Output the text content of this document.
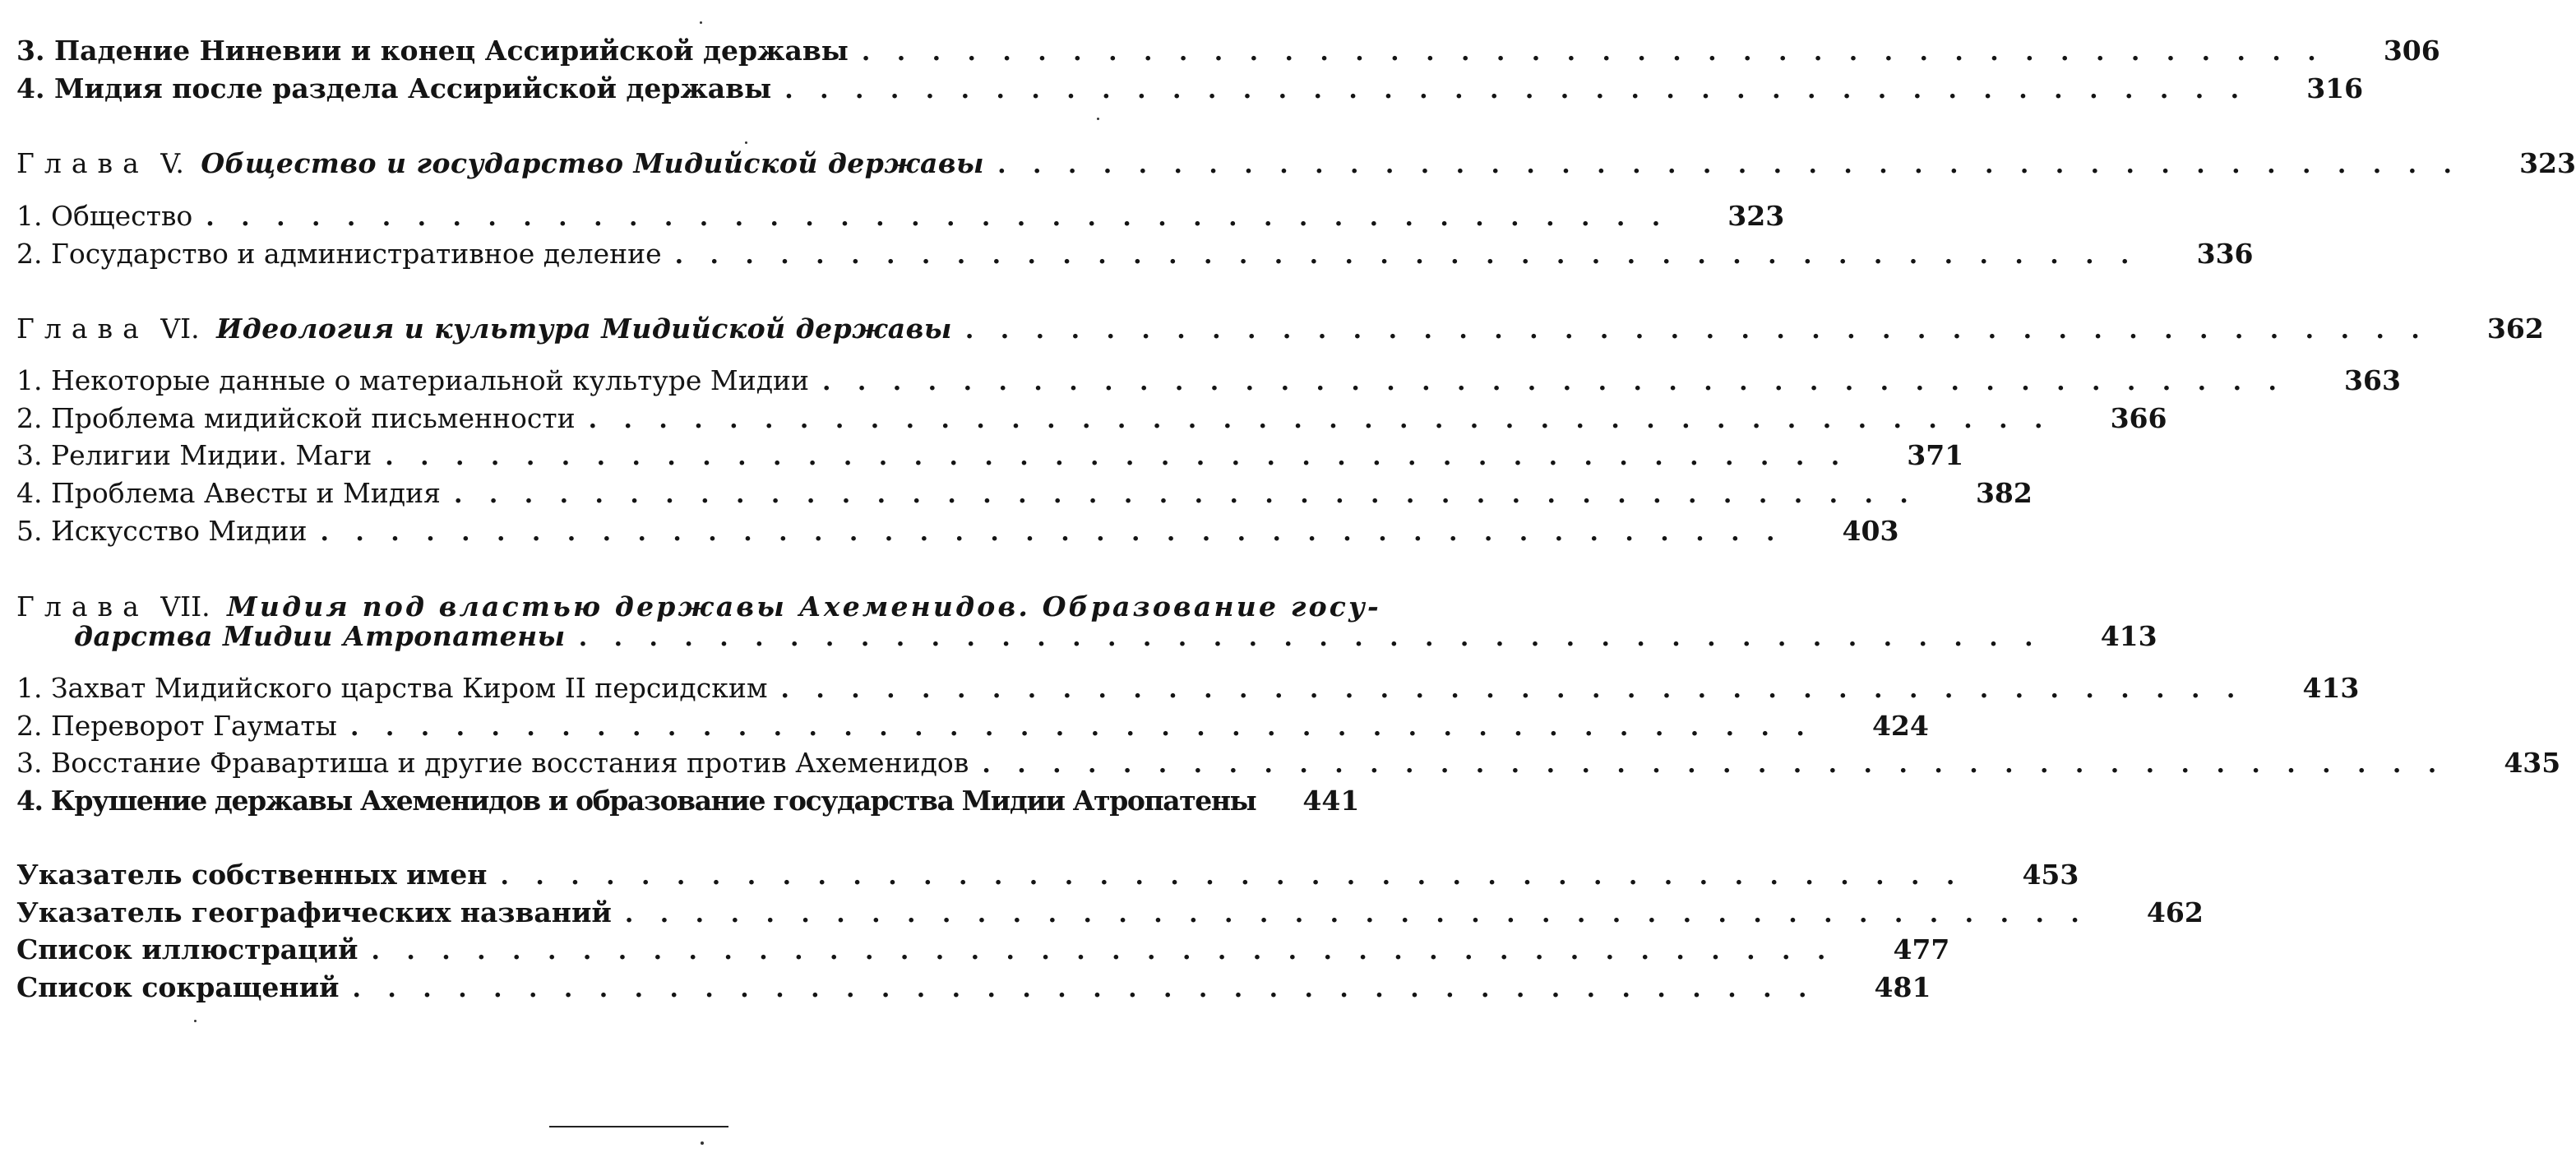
3. Падение Ниневии и конец Ассирийской державы . . . . . . . . . . . . . . . . . . . . . . . . . . . . . . . . . . . . . . . . . .	306
4. Мидия после раздела Ассирийской державы . . . . . . . . . . . . . . . . . . . . . . . . . . . . . . . . . . . . . . . . . .	316
Глава V. Общество и государство Мидийской державы . . . . . . . . . . . . . . . . . . . . . . . . . . . . . . . . . . . . . . . . . .	323
1. Общество . . . . . . . . . . . . . . . . . . . . . . . . . . . . . . . . . . . . . . . . . .	323
2. Государство и административное деление . . . . . . . . . . . . . . . . . . . . . . . . . . . . . . . . . . . . . . . . . .	336
Глава VI. Идеология и культура Мидийской державы . . . . . . . . . . . . . . . . . . . . . . . . . . . . . . . . . . . . . . . . . .	362
1. Некоторые данные о материальной культуре Мидии . . . . . . . . . . . . . . . . . . . . . . . . . . . . . . . . . . . . . . . . . .	363
2. Проблема мидийской письменности . . . . . . . . . . . . . . . . . . . . . . . . . . . . . . . . . . . . . . . . . .	366
3. Религии Мидии. Маги . . . . . . . . . . . . . . . . . . . . . . . . . . . . . . . . . . . . . . . . . .	371
4. Проблема Авесты и Мидия . . . . . . . . . . . . . . . . . . . . . . . . . . . . . . . . . . . . . . . . . .	382
5. Искусство Мидии . . . . . . . . . . . . . . . . . . . . . . . . . . . . . . . . . . . . . . . . . .	403
Глава VII. Мидия под властью державы Ахеменидов. Образование госу-
дарства Мидии Атропатены . . . . . . . . . . . . . . . . . . . . . . . . . . . . . . . . . . . . . . . . . .	413
1. Захват Мидийского царства Киром II персидским . . . . . . . . . . . . . . . . . . . . . . . . . . . . . . . . . . . . . . . . . .	413
2. Переворот Гауматы . . . . . . . . . . . . . . . . . . . . . . . . . . . . . . . . . . . . . . . . . .	424
3. Восстание Фравартиша и другие восстания против Ахеменидов . . . . . . . . . . . . . . . . . . . . . . . . . . . . . . . . . . . . . . . . . .	435
4. Крушение державы Ахеменидов и образование государства Мидии Атропатены	441
Указатель собственных имен . . . . . . . . . . . . . . . . . . . . . . . . . . . . . . . . . . . . . . . . . .	453
Указатель географических названий . . . . . . . . . . . . . . . . . . . . . . . . . . . . . . . . . . . . . . . . . .	462
Список иллюстраций . . . . . . . . . . . . . . . . . . . . . . . . . . . . . . . . . . . . . . . . . .	477
Список сокращений . . . . . . . . . . . . . . . . . . . . . . . . . . . . . . . . . . . . . . . . . .	481
